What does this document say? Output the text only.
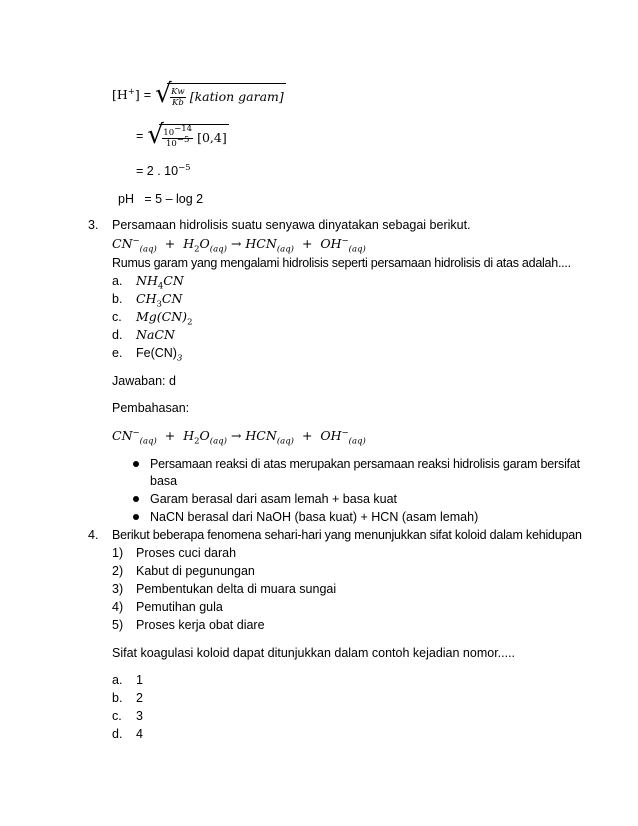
[H+] = √
$\frac{Kw}{Kb}$ [kation garam]
= √
$\frac{10^{-14}}{10^{-5}} [0,4]$
= 2 . $10^{-5}$
pH   = 5 – log 2
3.	Persamaan hidrolisis suatu senyawa dinyatakan sebagai berikut.
$CN^-_{(aq)} + H_2O_{(aq)} \to HCN_{(aq)} + OH^-_{(aq)}$
Rumus garam yang mengalami hidrolisis seperti persamaan hidrolisis di atas adalah....
a. $NH_4CN$
b. $CH_3CN$
c. $Mg(CN)_2$
d. NaCN
e. $Fe(CN)_3$
Jawaban: d
Pembahasan:
$CN^-_{(aq)} + H_2O_{(aq)} \to HCN_{(aq)} + OH^-_{(aq)}$
Persamaan reaksi di atas merupakan persamaan reaksi hidrolisis garam bersifat
basa
Garam berasal dari asam lemah + basa kuat
NaCN berasal dari NaOH (basa kuat) + HCN (asam lemah)
4.	Berikut beberapa fenomena sehari-hari yang menunjukkan sifat koloid dalam kehidupan
1) Proses cuci darah
2) Kabut di pegunungan
3) Pembentukan delta di muara sungai
4) Pemutihan gula
5) Proses kerja obat diare
Sifat koagulasi koloid dapat ditunjukkan dalam contoh kejadian nomor.....
a. 1
b. 2
c. 3
d. 4
